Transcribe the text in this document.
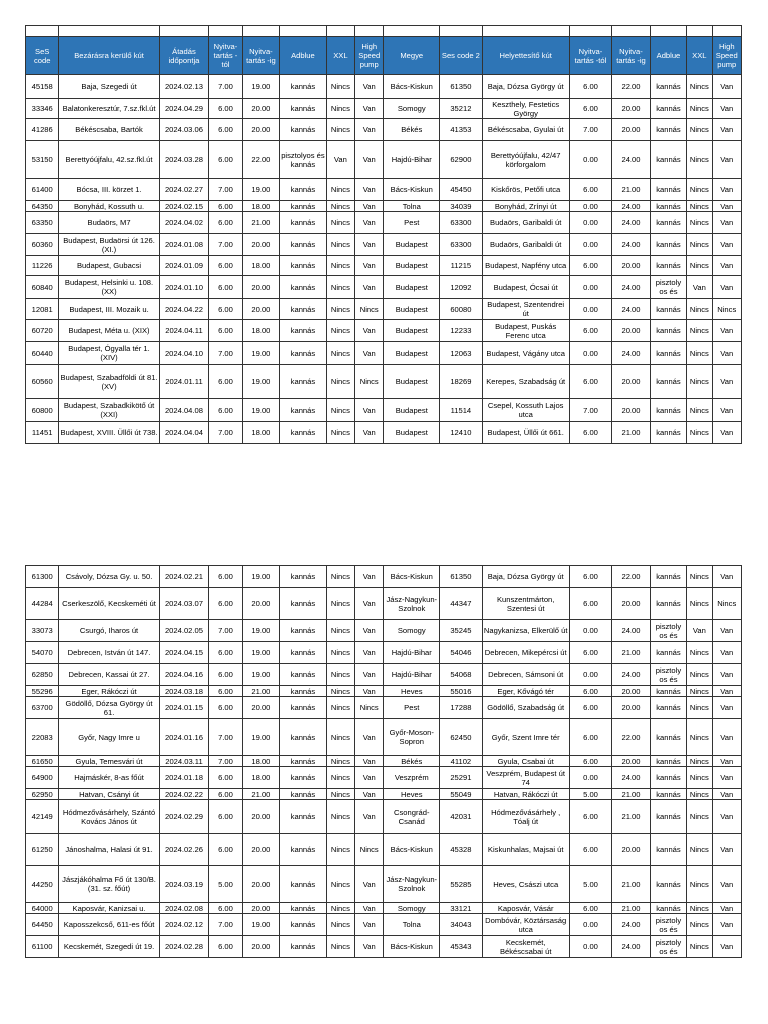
SeS code	Bezárásra kerülő kút	Átadás időpontja	Nyitva-tartás -tól	Nyitva-tartás -ig	Adblue	XXL	High Speed pump	Megye	Ses code 2	Helyettesítő kút	Nyitva-tartás -tól	Nyitva-tartás -ig	Adblue	XXL	High Speed pump
45158	Baja, Szegedi út	2024.02.13	7.00	19.00	kannás	Nincs	Van	Bács-Kiskun	61350	Baja, Dózsa György út	6.00	22.00	kannás	Nincs	Van
33346	Balatonkeresztúr, 7.sz.fkl.út	2024.04.29	6.00	20.00	kannás	Nincs	Van	Somogy	35212	Keszthely, Festetics György	6.00	20.00	kannás	Nincs	Van
41286	Békéscsaba, Bartók	2024.03.06	6.00	20.00	kannás	Nincs	Van	Békés	41353	Békéscsaba, Gyulai út	7.00	20.00	kannás	Nincs	Van
53150	Berettyóújfalu, 42.sz.fkl.út	2024.03.28	6.00	22.00	pisztolyos és kannás	Van	Van	Hajdú-Bihar	62900	Berettyóújfalu, 42/47 körforgalom	0.00	24.00	kannás	Nincs	Van
61400	Bócsa, III. körzet 1.	2024.02.27	7.00	19.00	kannás	Nincs	Van	Bács-Kiskun	45450	Kiskőrös, Petőfi utca	6.00	21.00	kannás	Nincs	Van
64350	Bonyhád, Kossuth u.	2024.02.15	6.00	18.00	kannás	Nincs	Van	Tolna	34039	Bonyhád, Zrínyi út	0.00	24.00	kannás	Nincs	Van
63350	Budaörs, M7	2024.04.02	6.00	21.00	kannás	Nincs	Van	Pest	63300	Budaörs, Garibaldi út	0.00	24.00	kannás	Nincs	Van
60360	Budapest, Budaörsi út 126. (XI.)	2024.01.08	7.00	20.00	kannás	Nincs	Van	Budapest	63300	Budaörs, Garibaldi út	0.00	24.00	kannás	Nincs	Van
11226	Budapest, Gubacsi	2024.01.09	6.00	18.00	kannás	Nincs	Van	Budapest	11215	Budapest, Napfény utca	6.00	20.00	kannás	Nincs	Van
60840	Budapest, Helsinki u. 108. (XX)	2024.01.10	6.00	20.00	kannás	Nincs	Van	Budapest	12092	Budapest, Ócsai út	0.00	24.00	pisztoly os és	Van	Van
12081	Budapest, III. Mozaik u.	2024.04.22	6.00	20.00	kannás	Nincs	Nincs	Budapest	60080	Budapest, Szentendrei út	0.00	24.00	kannás	Nincs	Nincs
60720	Budapest, Méta u. (XIX)	2024.04.11	6.00	18.00	kannás	Nincs	Van	Budapest	12233	Budapest, Puskás Ferenc utca	6.00	20.00	kannás	Nincs	Van
60440	Budapest, Ógyalla tér 1. (XIV)	2024.04.10	7.00	19.00	kannás	Nincs	Van	Budapest	12063	Budapest, Vágány utca	0.00	24.00	kannás	Nincs	Van
60560	Budapest, Szabadföldi út 81.(XV)	2024.01.11	6.00	19.00	kannás	Nincs	Nincs	Budapest	18269	Kerepes, Szabadság út	6.00	20.00	kannás	Nincs	Van
60800	Budapest, Szabadkikötő út (XXI)	2024.04.08	6.00	19.00	kannás	Nincs	Van	Budapest	11514	Csepel, Kossuth Lajos utca	7.00	20.00	kannás	Nincs	Van
11451	Budapest, XVIII. Üllői út 738.	2024.04.04	7.00	18.00	kannás	Nincs	Van	Budapest	12410	Budapest, Üllői út 661.	6.00	21.00	kannás	Nincs	Van
61300	Csávoly, Dózsa Gy. u. 50.	2024.02.21	6.00	19.00	kannás	Nincs	Van	Bács-Kiskun	61350	Baja, Dózsa György út	6.00	22.00	kannás	Nincs	Van
44284	Cserkeszölő, Kecskeméti út	2024.03.07	6.00	20.00	kannás	Nincs	Van	Jász-Nagykun-Szolnok	44347	Kunszentmárton, Szentesi út	6.00	20.00	kannás	Nincs	Nincs
33073	Csurgó, Iharos út	2024.02.05	7.00	19.00	kannás	Nincs	Van	Somogy	35245	Nagykanizsa, Elkerülő út	0.00	24.00	pisztoly os és	Van	Van
54070	Debrecen, István út 147.	2024.04.15	6.00	19.00	kannás	Nincs	Van	Hajdú-Bihar	54046	Debrecen, Mikepércsi út	6.00	21.00	kannás	Nincs	Van
62850	Debrecen, Kassai út 27.	2024.04.16	6.00	19.00	kannás	Nincs	Van	Hajdú-Bihar	54068	Debrecen, Sámsoni út	0.00	24.00	pisztoly os és	Nincs	Van
55296	Eger, Rákóczi út	2024.03.18	6.00	21.00	kannás	Nincs	Van	Heves	55016	Eger, Kővágó tér	6.00	20.00	kannás	Nincs	Van
63700	Gödöllő, Dózsa György út 61.	2024.01.15	6.00	20.00	kannás	Nincs	Nincs	Pest	17288	Gödöllő, Szabadság út	6.00	20.00	kannás	Nincs	Van
22083	Győr, Nagy Imre u	2024.01.16	7.00	19.00	kannás	Nincs	Van	Győr-Moson-Sopron	62450	Győr, Szent Imre tér	6.00	22.00	kannás	Nincs	Van
61650	Gyula, Temesvári út	2024.03.11	7.00	18.00	kannás	Nincs	Van	Békés	41102	Gyula, Csabai út	6.00	20.00	kannás	Nincs	Van
64900	Hajmáskér, 8-as főút	2024.01.18	6.00	18.00	kannás	Nincs	Van	Veszprém	25291	Veszprém, Budapest út 74	0.00	24.00	kannás	Nincs	Van
62950	Hatvan, Csányi út	2024.02.22	6.00	21.00	kannás	Nincs	Van	Heves	55049	Hatvan, Rákóczi út	5.00	21.00	kannás	Nincs	Van
42149	Hódmezővásárhely, Szántó Kovács János út	2024.02.29	6.00	20.00	kannás	Nincs	Van	Csongrád-Csanád	42031	Hódmezővásárhely , Tóalj út	6.00	21.00	kannás	Nincs	Van
61250	Jánoshalma, Halasi út 91.	2024.02.26	6.00	20.00	kannás	Nincs	Nincs	Bács-Kiskun	45328	Kiskunhalas, Majsai út	6.00	20.00	kannás	Nincs	Van
44250	Jászjákóhalma Fő út 130/B. (31. sz. főút)	2024.03.19	5.00	20.00	kannás	Nincs	Van	Jász-Nagykun-Szolnok	55285	Heves, Császi utca	5.00	21.00	kannás	Nincs	Van
64000	Kaposvár, Kanizsai u.	2024.02.08	6.00	20.00	kannás	Nincs	Van	Somogy	33121	Kaposvár, Vásár	6.00	21.00	kannás	Nincs	Van
64450	Kaposszekcső, 611-es főút	2024.02.12	7.00	19.00	kannás	Nincs	Van	Tolna	34043	Dombóvár, Köztársaság utca	0.00	24.00	pisztoly os és	Nincs	Van
61100	Kecskemét, Szegedi út 19.	2024.02.28	6.00	20.00	kannás	Nincs	Van	Bács-Kiskun	45343	Kecskemét, Békéscsabai út	0.00	24.00	pisztoly os és	Nincs	Van
